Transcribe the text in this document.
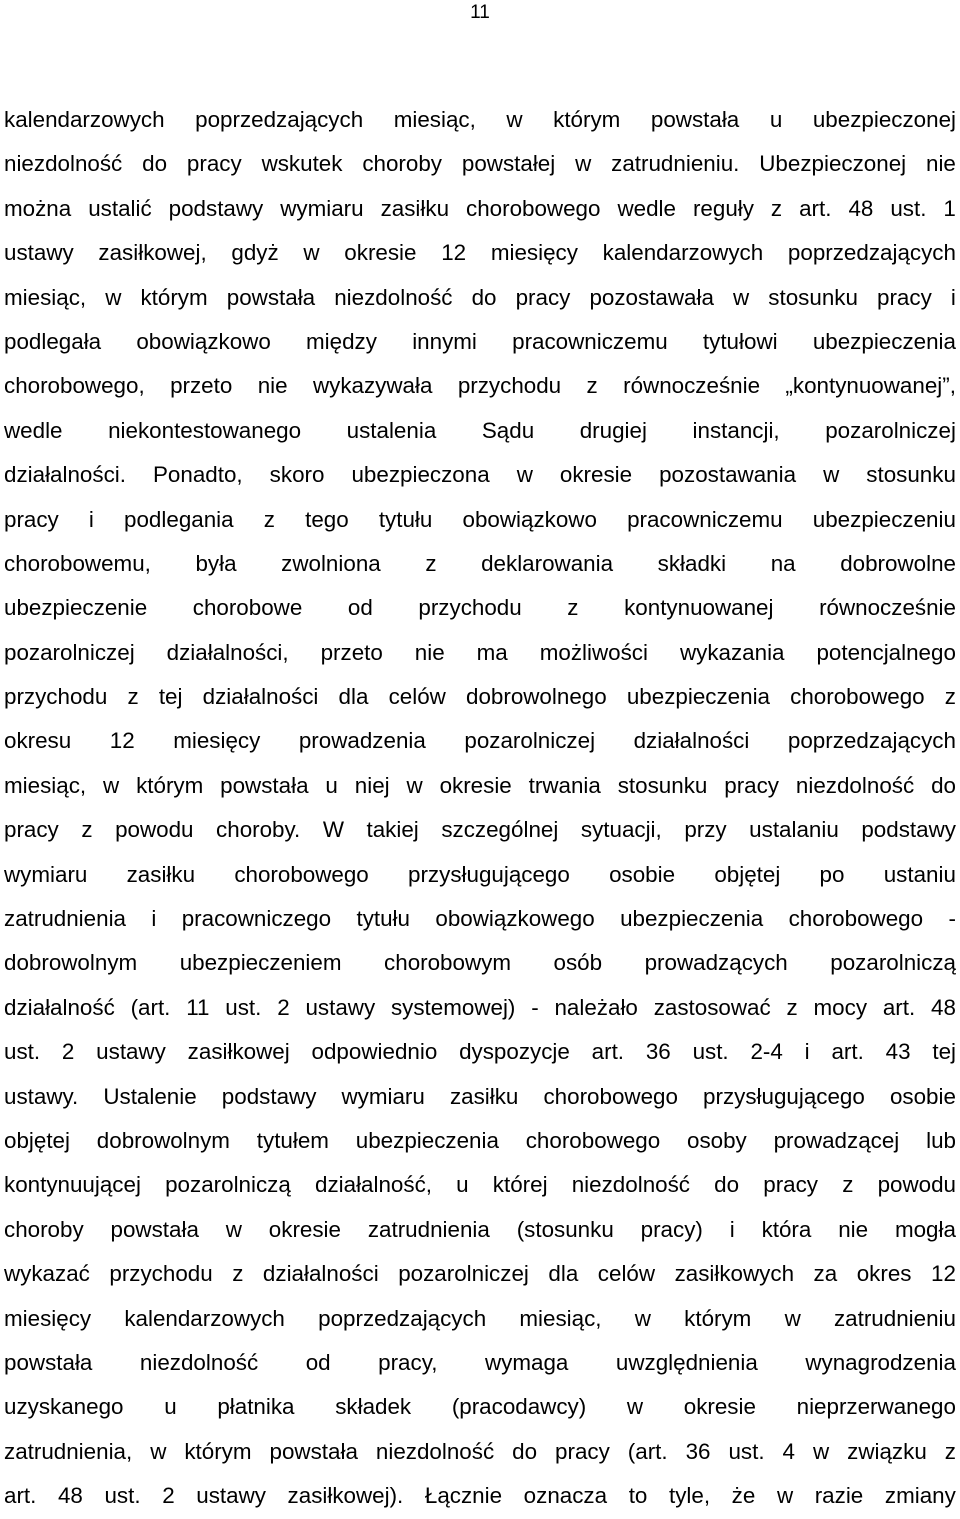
11
kalendarzowych poprzedzających miesiąc, w którym powstała u ubezpieczonej
niezdolność do pracy wskutek choroby powstałej w zatrudnieniu. Ubezpieczonej nie
można ustalić podstawy wymiaru zasiłku chorobowego wedle reguły z art. 48 ust. 1
ustawy zasiłkowej, gdyż w okresie 12 miesięcy kalendarzowych poprzedzających
miesiąc, w którym powstała niezdolność do pracy pozostawała w stosunku pracy i
podlegała obowiązkowo między innymi pracowniczemu tytułowi ubezpieczenia
chorobowego, przeto nie wykazywała przychodu z równocześnie „kontynuowanej”,
wedle niekontestowanego ustalenia Sądu drugiej instancji, pozarolniczej
działalności. Ponadto, skoro ubezpieczona w okresie pozostawania w stosunku
pracy i podlegania z tego tytułu obowiązkowo pracowniczemu ubezpieczeniu
chorobowemu, była zwolniona z deklarowania składki na dobrowolne
ubezpieczenie chorobowe od przychodu z kontynuowanej równocześnie
pozarolniczej działalności, przeto nie ma możliwości wykazania potencjalnego
przychodu z tej działalności dla celów dobrowolnego ubezpieczenia chorobowego z
okresu 12 miesięcy prowadzenia pozarolniczej działalności poprzedzających
miesiąc, w którym powstała u niej w okresie trwania stosunku pracy niezdolność do
pracy z powodu choroby. W takiej szczególnej sytuacji, przy ustalaniu podstawy
wymiaru zasiłku chorobowego przysługującego osobie objętej po ustaniu
zatrudnienia i pracowniczego tytułu obowiązkowego ubezpieczenia chorobowego -
dobrowolnym ubezpieczeniem chorobowym osób prowadzących pozarolniczą
działalność (art. 11 ust. 2 ustawy systemowej) - należało zastosować z mocy art. 48
ust. 2 ustawy zasiłkowej odpowiednio dyspozycje art. 36 ust. 2-4 i art. 43 tej
ustawy. Ustalenie podstawy wymiaru zasiłku chorobowego przysługującego osobie
objętej dobrowolnym tytułem ubezpieczenia chorobowego osoby prowadzącej lub
kontynuującej pozarolniczą działalność, u której niezdolność do pracy z powodu
choroby powstała w okresie zatrudnienia (stosunku pracy) i która nie mogła
wykazać przychodu z działalności pozarolniczej dla celów zasiłkowych za okres 12
miesięcy kalendarzowych poprzedzających miesiąc, w którym w zatrudnieniu
powstała niezdolność od pracy, wymaga uwzględnienia wynagrodzenia
uzyskanego u płatnika składek (pracodawcy) w okresie nieprzerwanego
zatrudnienia, w którym powstała niezdolność do pracy (art. 36 ust. 4 w związku z
art. 48 ust. 2 ustawy zasiłkowej). Łącznie oznacza to tyle, że w razie zmiany
